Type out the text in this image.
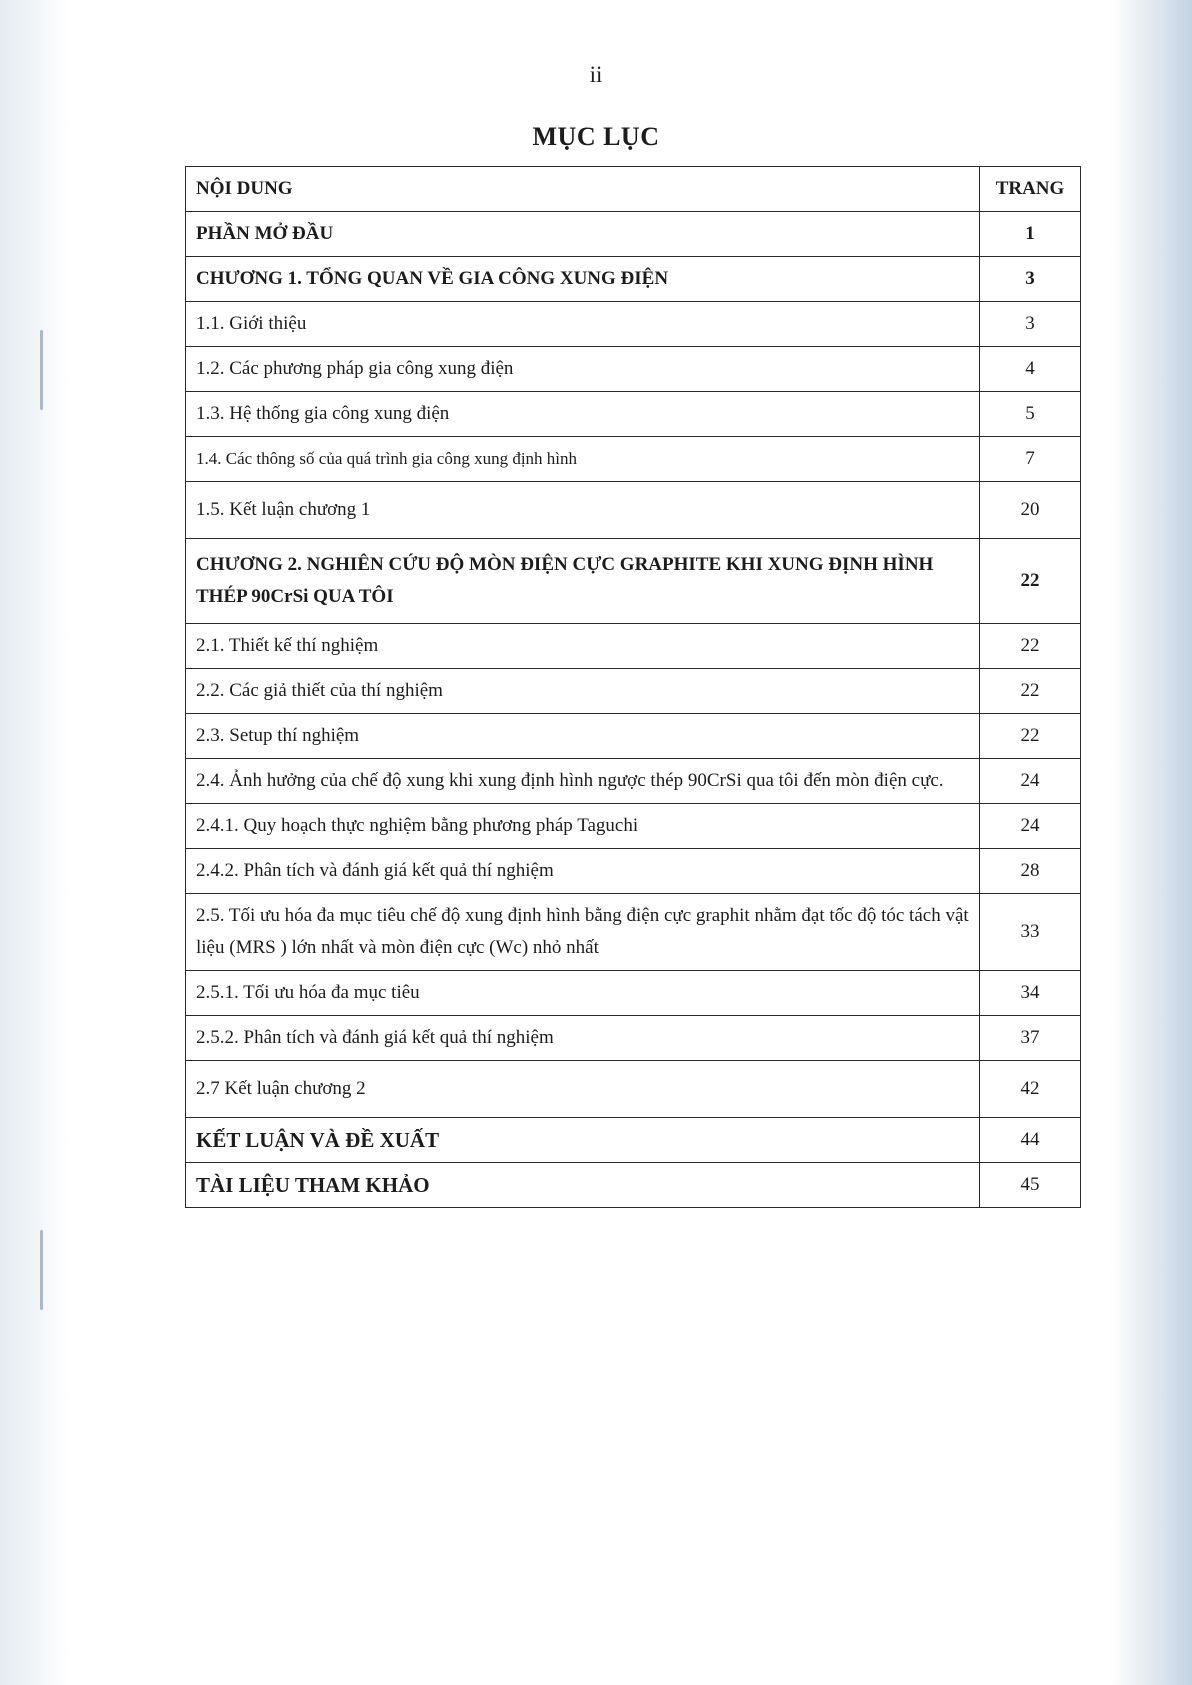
ii
MỤC LỤC
NỘI DUNG	TRANG
PHẦN MỞ ĐẦU	1
CHƯƠNG 1. TỔNG QUAN VỀ GIA CÔNG XUNG ĐIỆN	3
1.1. Giới thiệu	3
1.2. Các phương pháp gia công xung điện	4
1.3. Hệ thống gia công xung điện	5
1.4. Các thông số của quá trình gia công xung định hình	7
1.5. Kết luận chương 1	20
CHƯƠNG 2. NGHIÊN CỨU ĐỘ MÒN ĐIỆN CỰC GRAPHITE KHI XUNG ĐỊNH HÌNH THÉP 90CrSi QUA TÔI	22
2.1. Thiết kế thí nghiệm	22
2.2. Các giả thiết của thí nghiệm	22
2.3. Setup thí nghiệm	22
2.4. Ảnh hưởng của chế độ xung khi xung định hình ngược thép 90CrSi qua tôi đến mòn điện cực.	24
2.4.1. Quy hoạch thực nghiệm bằng phương pháp Taguchi	24
2.4.2. Phân tích và đánh giá kết quả thí nghiệm	28
2.5. Tối ưu hóa đa mục tiêu chế độ xung định hình bằng điện cực graphit nhằm đạt tốc độ tóc tách vật liệu (MRS ) lớn nhất và mòn điện cực (Wc) nhỏ nhất	33
2.5.1. Tối ưu hóa đa mục tiêu	34
2.5.2. Phân tích và đánh giá kết quả thí nghiệm	37
2.7 Kết luận chương 2	42
KẾT LUẬN VÀ ĐỀ XUẤT	44
TÀI LIỆU THAM KHẢO	45
